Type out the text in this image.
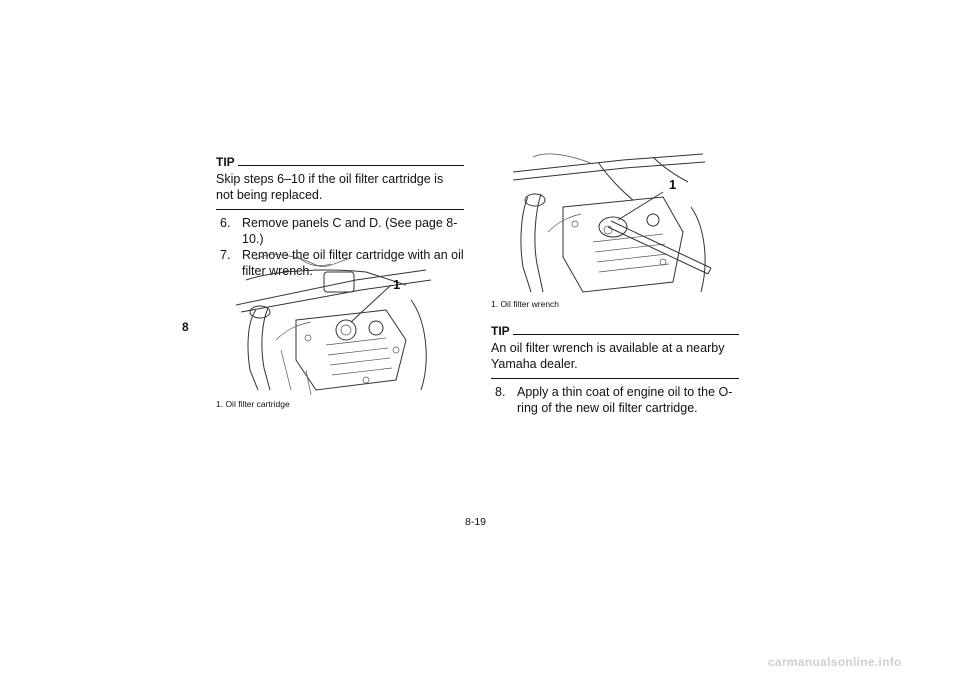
8
TIP
Skip steps 6–10 if the oil filter cartridge is not being replaced.
6. Remove panels C and D. (See page 8-10.)
7. Remove the oil filter cartridge with an oil filter wrench.
1
1. Oil filter cartridge
1
1. Oil filter wrench
TIP
An oil filter wrench is available at a nearby Yamaha dealer.
8. Apply a thin coat of engine oil to the O-ring of the new oil filter cartridge.
8-19
carmanualsonline.info
